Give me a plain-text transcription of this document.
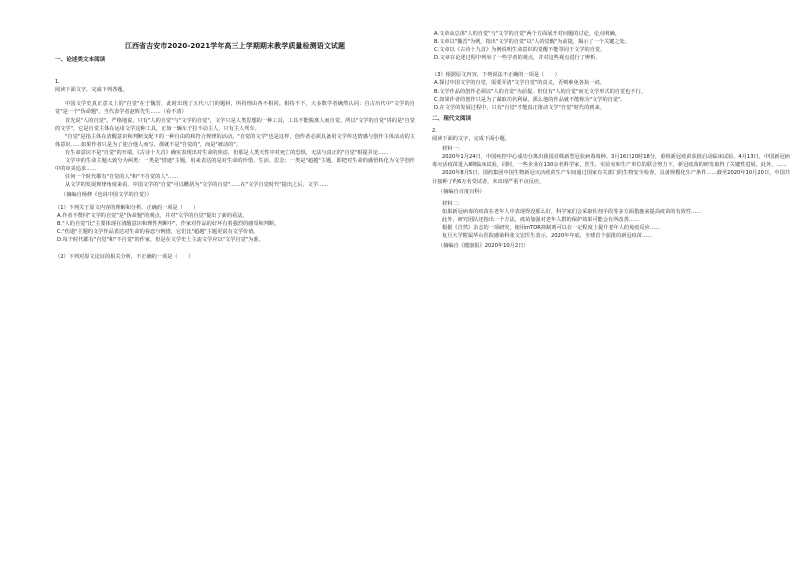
江西省吉安市2020-2021学年高三上学期期末教学质量检测语文试题
一、论述类文本阅读
1.
阅读下面文字，完成下列各题。

中国文学史真正意义上的"自觉"在于魏晋，此时出现了五代八门的题材，所持理由各不相同。相持不下，大多数学者确然认同：自古历代中"文学的自觉"是一个"伪命题"。当代表学者赵辉先生……（看不清）

首先说"人的自觉"。严格地说，只有"人的自觉"与"文学的自觉"，文学只是人类思想的一种工具，工具不能脱离人而自觉。所以"文学的自觉"讲的是"自觉的文学"，它是自觉主体在运用文学这种工具，正如一辆车子拉不动主人，只有主人驾车。

"自觉"是指主体在清醒意识和判断支配下的一种自由的和符合规律的活动。"自觉的文学"也是这样，创作者必须具备用文学传达情感与创作主体活动的主体意识……如果作者只是为了迎合他人而写，那就不是"自觉的"，而是"被动的"。

有生命意识不是"自觉"的开端。《古诗十九首》确实表现出对生命的焦虑，但那是人类天性中对死亡的恐惧，无法与真正的"自觉"相提并论……

文学中的生命主题大致分为两类：一类是"惜逝"主题，用来表达的是对生命的珍惜，生活、思念；一类是"超越"主题，即把对生命的感悟转化为文学创作中的审美追求……

任何一个时代都有"自觉的人"和"不自觉的人"……

从文学的发展规律角度来看，中国文学的"自觉"可以概括为"文学的自觉"……在"文学自觉时代"提出之后，文学……

（摘编自杨修《也说中国文学的自觉》）
（1）下列关于原文内容的理解和分析，正确的一项是（　　）
A.作者不赞同"文学的自觉"是"伪命题"的观点，并对"文学的自觉"提出了新的看法。
B."人的自觉"比"主要体现在清醒意识和理性判断中"，作家对作品的好坏有着强烈的感受和判断。
C."伤逝"主题的文学作品表达对生命的眷恋与惋惜，它们比"超越"主题更富有文学价值。
D.每个时代都有"自觉"和"不自觉"的作家，但是在文学史上主流文学应以"文学自觉"为准。
（2）下列对原文论证的相关分析，不正确的一项是（　　）
A.文章从总体"人的自觉"与"文学的自觉"两个方面展开对问题的讨论，论点明确。
B.文章以"魏晋"为例，指出"文学的自觉"以"人的觉醒"为前提，揭示了一个关键之处。
C.文章以《古诗十九首》为例说明生命意识的觉醒不能等同于文学的自觉。
D.文章在论述过程中列举了一些学者的观点，并对这些观点进行了辨析。
（3）根据原文内容，下列说法不正确的一项是（　　）
A.探讨中国文学的自觉，需要弄清"文学自觉"的真义，否则难免各执一词。
B.文学作品的创作必须以"人的自觉"为前提，但仅有"人的自觉"而无文学形式的自觉也不行。
C.如果作者的创作只是为了谋取功名利禄，那么他的作品就不能称为"文学的自觉"。
D.在文学的发展过程中，只有"自觉"才能真正推动文学"自觉"时代的到来。
二、现代文阅读
2.
阅读下面的文字，完成下面小题。
材料一：

2020年1月24日，中国疾控中心成功分离出我国首株新型冠状病毒毒种。3月16日20时18分，重组新冠疫苗获批启动临床试验。4月13日，中国新冠病毒灭活疫苗进入Ⅱ期临床试验，同时，一些企业在130余名科学家，医生、实验室和生产单位的联合努力下，新冠疫苗的研发取得了关键性进展。此外，……

2020年8月5日，国药集团中国生物新冠灭活疫苗生产车间通过国家有关部门的生物安全检查，具备规模化生产条件……截至2020年10月20日，中国共计接种了约6万名受试者，未出现严重不良反应。

（摘编自百度百科）
材料二：

如果新冠病毒的疫苗在老年人中表现得没那么好，科学家们会采取佐剂手段等多方面措施来提高疫苗的有效性……

此外，研究团队还指出一个方法，疫苗加强对老年人群的保护效果可能会有所改善……

根据《自然》杂志的一项研究，使用mTOR抑制剂可以在一定程度上提升老年人的免疫反应……

复旦大学附属华山医院感染科张文宏医生表示，2020年年底，全球首个获批的新冠疫苗……

（摘编自《健康报》2020年10月2日）
